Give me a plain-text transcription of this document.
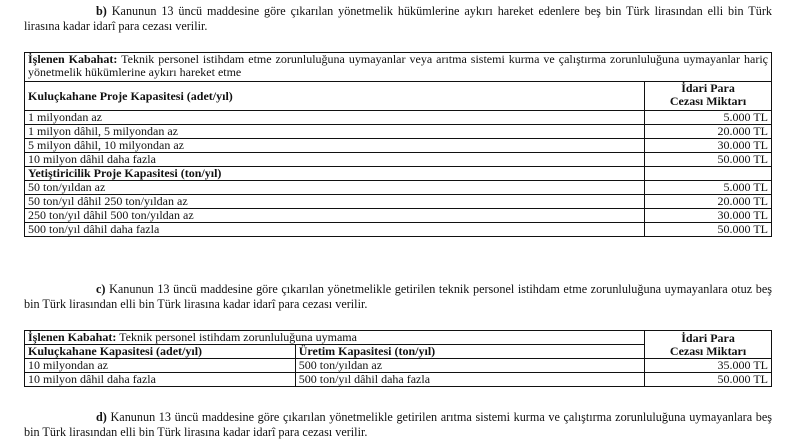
b) Kanunun 13 üncü maddesine göre çıkarılan yönetmelik hükümlerine aykırı hareket edenlere beş bin Türk lirasından elli bin Türk lirasına kadar idarî para cezası verilir.
İşlenen Kabahat: Teknik personel istihdam etme zorunluluğuna uymayanlar veya arıtma sistemi kurma ve çalıştırma zorunluluğuna uymayanlar hariç yönetmelik hükümlerine aykırı hareket etme	
Kuluçkahane Proje Kapasitesi (adet/yıl)	İdari Para
Cezası Miktarı

1 milyondan az	5.000 TL
1 milyon dâhil, 5 milyondan az	20.000 TL
5 milyon dâhil, 10 milyondan az	30.000 TL
10 milyon dâhil daha fazla	50.000 TL
Yetiştiricilik Proje Kapasitesi (ton/yıl)	
50 ton/yıldan az	5.000 TL
50 ton/yıl dâhil 250 ton/yıldan az	20.000 TL
250 ton/yıl dâhil 500 ton/yıldan az	30.000 TL
500 ton/yıl dâhil daha fazla	50.000 TL
c) Kanunun 13 üncü maddesine göre çıkarılan yönetmelikle getirilen teknik personel istihdam etme zorunluluğuna uymayanlara otuz beş bin Türk lirasından elli bin Türk lirasına kadar idarî para cezası verilir.
İşlenen Kabahat: Teknik personel istihdam zorunluluğuna uymama		İdari Para
Cezası Miktarı

Kuluçkahane Kapasitesi (adet/yıl)	Üretim Kapasitesi (ton/yıl)	
10 milyondan az	500 ton/yıldan az	35.000 TL
10 milyon dâhil daha fazla	500 ton/yıl dâhil daha fazla	50.000 TL
d) Kanunun 13 üncü maddesine göre çıkarılan yönetmelikle getirilen arıtma sistemi kurma ve çalıştırma zorunluluğuna uymayanlara beş bin Türk lirasından elli bin Türk lirasına kadar idarî para cezası verilir.
